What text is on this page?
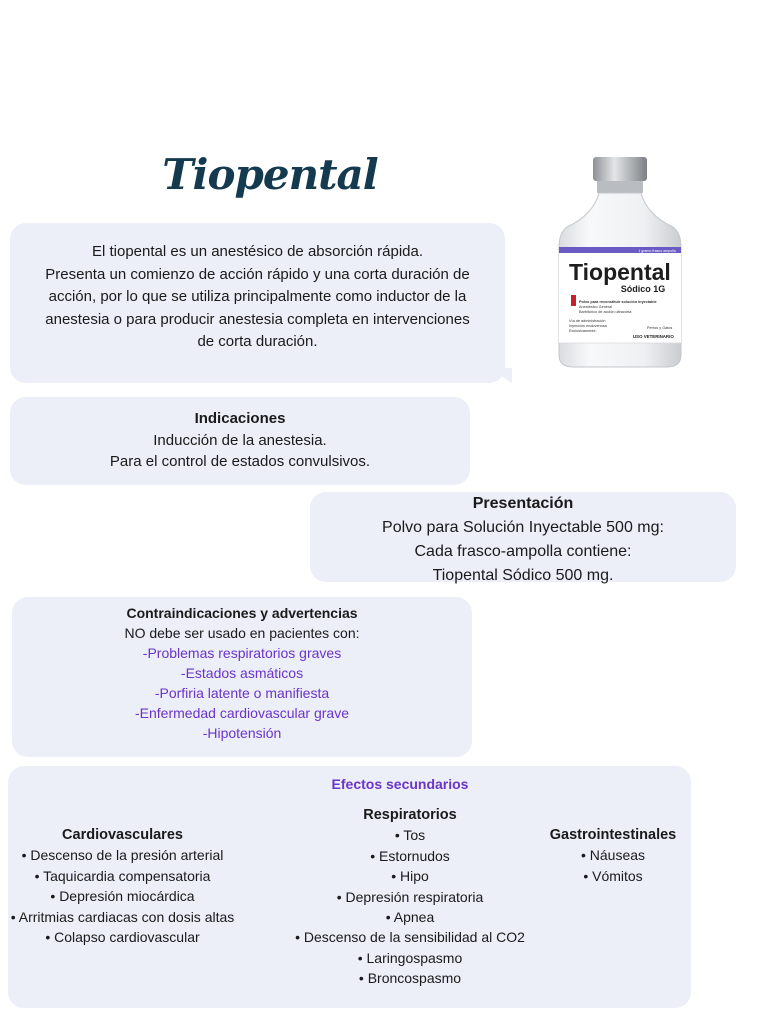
Tiopental
El tiopental es un anestésico de absorción rápida.
Presenta un comienzo de acción rápido y una corta duración de
acción, por lo que se utiliza principalmente como inductor de la
anestesia o para producir anestesia completa en intervenciones
de corta duración.
1 gramo frasco ampolla
Tiopental
Sódico 1G
Polvo para reconstituir solución inyectable
Anestésico General
Barbitúrico de acción ultracorta
Vía de administración
Inyección endovenosa
Exclusivamente.
Perros y Gatos
USO VETERINARIO
Indicaciones
Inducción de la anestesia.
Para el control de estados convulsivos.
Presentación
Polvo para Solución Inyectable 500 mg:
Cada frasco-ampolla contiene:
Tiopental Sódico 500 mg.
Contraindicaciones y advertencias
NO debe ser usado en pacientes con:
-Problemas respiratorios graves
-Estados asmáticos
-Porfiria latente o manifiesta
-Enfermedad cardiovascular grave
-Hipotensión
Efectos secundarios
Cardiovasculares
• Descenso de la presión arterial
• Taquicardia compensatoria
• Depresión miocárdica
• Arritmias cardiacas con dosis altas
• Colapso cardiovascular
Respiratorios
• Tos
• Estornudos
• Hipo
• Depresión respiratoria
• Apnea
• Descenso de la sensibilidad al CO2
• Laringospasmo
• Broncospasmo
Gastrointestinales
• Náuseas
• Vómitos
